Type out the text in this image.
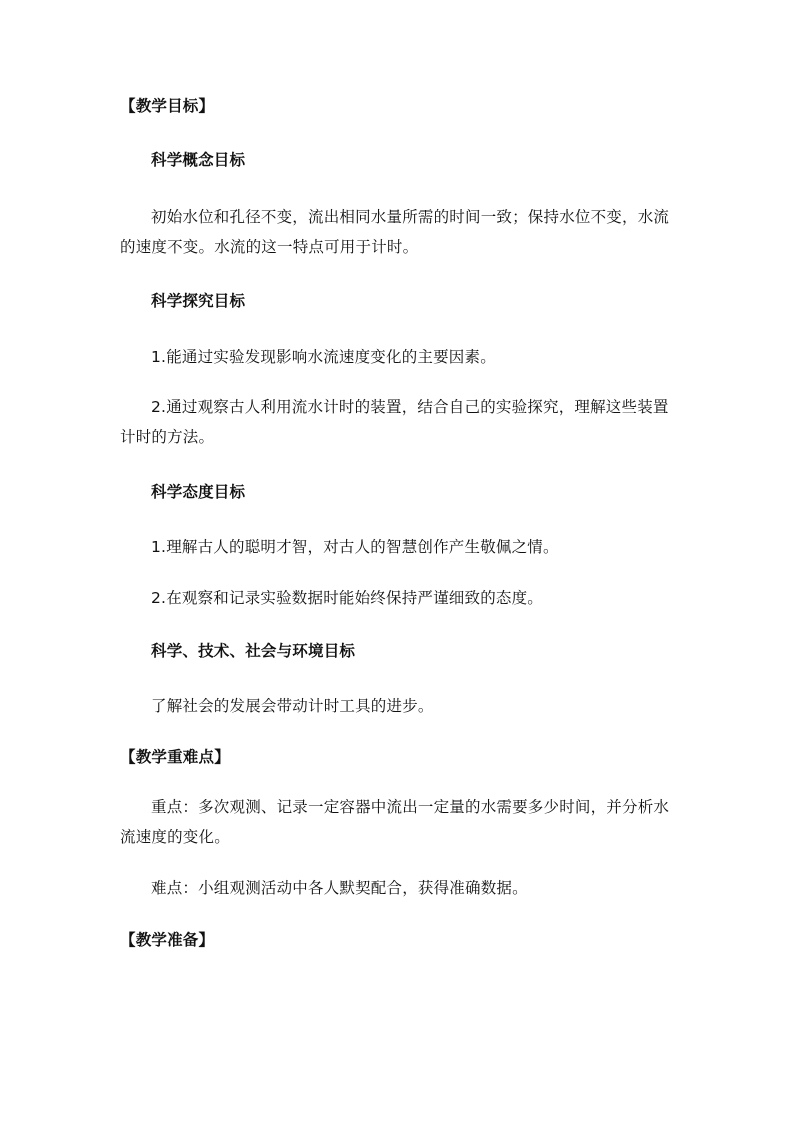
【教学目标】
科学概念目标
初始水位和孔径不变，流出相同水量所需的时间一致；保持水位不变，水流的速度不变。水流的这一特点可用于计时。
科学探究目标
1.能通过实验发现影响水流速度变化的主要因素。
2.通过观察古人利用流水计时的装置，结合自己的实验探究，理解这些装置计时的方法。
科学态度目标
1.理解古人的聪明才智，对古人的智慧创作产生敬佩之情。
2.在观察和记录实验数据时能始终保持严谨细致的态度。
科学、技术、社会与环境目标
了解社会的发展会带动计时工具的进步。
【教学重难点】
重点：多次观测、记录一定容器中流出一定量的水需要多少时间，并分析水流速度的变化。
难点：小组观测活动中各人默契配合，获得准确数据。
【教学准备】
